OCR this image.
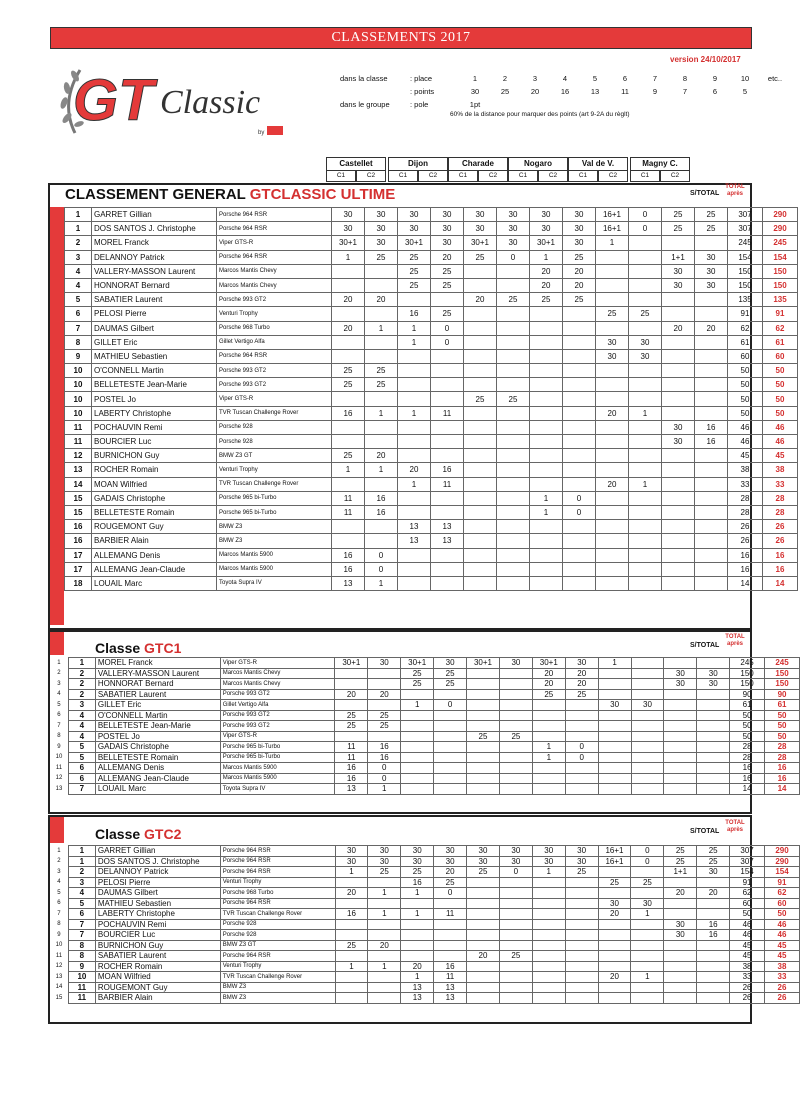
CLASSEMENTS 2017
version 24/10/2017
GT Classic
by
dans la classe	: place	1	2	3	4	5	6	7	8	9	10	etc..
: points	30	25	20	16	13	11	9	7	6	5
dans le groupe	: pole	1pt
60% de la distance pour marquer des points (art 9-2A du règlt)
Castellet
C1	C2
Dijon
C1	C2
Charade
C1	C2
Nogaro
C1	C2
Val de V.
C1	C2
Magny C.
C1	C2
CLASSEMENT GENERAL GTCLASSIC ULTIME	S/TOTAL
TOTAL après
1	GARRET Gillian	Porsche 964 RSR	30	30	30	30	30	30	30	30	16+1	0	25	25	307	290
1	DOS SANTOS J. Christophe	Porsche 964 RSR	30	30	30	30	30	30	30	30	16+1	0	25	25	307	290
2	MOREL Franck	Viper GTS-R	30+1	30	30+1	30	30+1	30	30+1	30	1				245	245
3	DELANNOY Patrick	Porsche 964 RSR	1	25	25	20	25	0	1	25			1+1	30	154	154
4	VALLERY-MASSON Laurent	Marcos Mantis Chevy			25	25			20	20			30	30	150	150
4	HONNORAT Bernard	Marcos Mantis Chevy			25	25			20	20			30	30	150	150
5	SABATIER Laurent	Porsche 993 GT2	20	20			20	25	25	25					135	135
6	PELOSI Pierre	Venturi Trophy			16	25					25	25			91	91
7	DAUMAS Gilbert	Porsche 968 Turbo	20	1	1	0							20	20	62	62
8	GILLET Eric	Gillet Vertigo Alfa			1	0					30	30			61	61
9	MATHIEU Sebastien	Porsche 964 RSR									30	30			60	60
10	O'CONNELL Martin	Porsche 993 GT2	25	25											50	50
10	BELLETESTE Jean-Marie	Porsche 993 GT2	25	25											50	50
10	POSTEL Jo	Viper GTS-R					25	25							50	50
10	LABERTY Christophe	TVR Tuscan Challenge Rover	16	1	1	11					20	1			50	50
11	POCHAUVIN Remi	Porsche 928											30	16	46	46
11	BOURCIER Luc	Porsche 928											30	16	46	46
12	BURNICHON Guy	BMW Z3 GT	25	20											45	45
13	ROCHER Romain	Venturi Trophy	1	1	20	16									38	38
14	MOAN Wilfried	TVR Tuscan Challenge Rover			1	11					20	1			33	33
15	GADAIS Christophe	Porsche 965 bi-Turbo	11	16					1	0					28	28
15	BELLETESTE Romain	Porsche 965 bi-Turbo	11	16					1	0					28	28
16	ROUGEMONT Guy	BMW Z3			13	13									26	26
16	BARBIER Alain	BMW Z3			13	13									26	26
17	ALLEMANG Denis	Marcos Mantis 5900	16	0											16	16
17	ALLEMANG Jean-Claude	Marcos Mantis 5900	16	0											16	16
18	LOUAIL Marc	Toyota Supra IV	13	1											14	14
Classe GTC1	S/TOTAL
TOTAL après
1	1	MOREL Franck	Viper GTS-R	30+1	30	30+1	30	30+1	30	30+1	30	1				245	245
2	2	VALLERY-MASSON Laurent	Marcos Mantis Chevy			25	25			20	20			30	30	150	150
3	2	HONNORAT Bernard	Marcos Mantis Chevy			25	25			20	20			30	30	150	150
4	2	SABATIER Laurent	Porsche 993 GT2	20	20					25	25					90	90
5	3	GILLET Eric	Gillet Vertigo Alfa			1	0					30	30			61	61
6	4	O'CONNELL Martin	Porsche 993 GT2	25	25											50	50
7	4	BELLETESTE Jean-Marie	Porsche 993 GT2	25	25											50	50
8	4	POSTEL Jo	Viper GTS-R					25	25							50	50
9	5	GADAIS Christophe	Porsche 965 bi-Turbo	11	16					1	0					28	28
10	5	BELLETESTE Romain	Porsche 965 bi-Turbo	11	16					1	0					28	28
11	6	ALLEMANG Denis	Marcos Mantis 5900	16	0											16	16
12	6	ALLEMANG Jean-Claude	Marcos Mantis 5900	16	0											16	16
13	7	LOUAIL Marc	Toyota Supra IV	13	1											14	14
Classe GTC2	S/TOTAL
TOTAL après
1	1	GARRET Gillian	Porsche 964 RSR	30	30	30	30	30	30	30	30	16+1	0	25	25	307	290
2	1	DOS SANTOS J. Christophe	Porsche 964 RSR	30	30	30	30	30	30	30	30	16+1	0	25	25	307	290
3	2	DELANNOY Patrick	Porsche 964 RSR	1	25	25	20	25	0	1	25			1+1	30	154	154
4	3	PELOSI Pierre	Venturi Trophy			16	25					25	25			91	91
5	4	DAUMAS Gilbert	Porsche 968 Turbo	20	1	1	0							20	20	62	62
6	5	MATHIEU Sebastien	Porsche 964 RSR									30	30			60	60
7	6	LABERTY Christophe	TVR Tuscan Challenge Rover	16	1	1	11					20	1			50	50
8	7	POCHAUVIN Remi	Porsche 928											30	16	46	46
9	7	BOURCIER Luc	Porsche 928											30	16	46	46
10	8	BURNICHON Guy	BMW Z3 GT	25	20											45	45
11	8	SABATIER Laurent	Porsche 964 RSR					20	25							45	45
12	9	ROCHER Romain	Venturi Trophy	1	1	20	16									38	38
13	10	MOAN Wilfried	TVR Tuscan Challenge Rover			1	11					20	1			33	33
14	11	ROUGEMONT Guy	BMW Z3			13	13									26	26
15	11	BARBIER Alain	BMW Z3			13	13									26	26
